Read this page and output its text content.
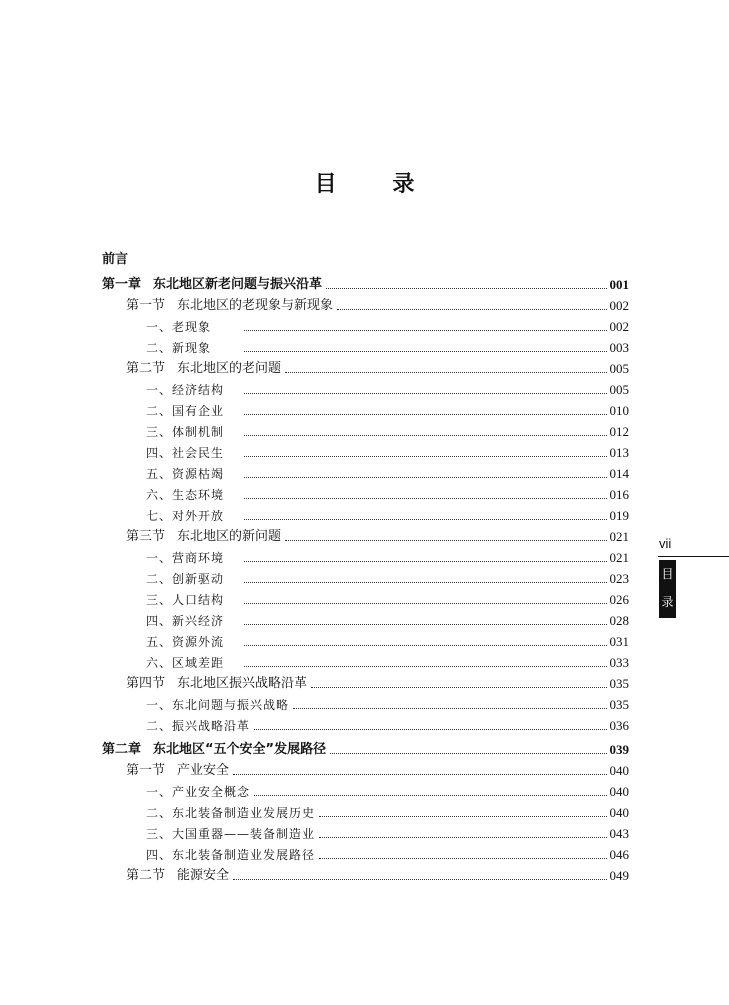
目	录
前言
第一章 东北地区新老问题与振兴沿革	001
第一节 东北地区的老现象与新现象	002
一、老现象	002
二、新现象	003
第二节 东北地区的老问题	005
一、经济结构	005
二、国有企业	010
三、体制机制	012
四、社会民生	013
五、资源枯竭	014
六、生态环境	016
七、对外开放	019
第三节 东北地区的新问题	021
一、营商环境	021
二、创新驱动	023
三、人口结构	026
四、新兴经济	028
五、资源外流	031
六、区域差距	033
第四节 东北地区振兴战略沿革	035
一、东北问题与振兴战略	035
二、振兴战略沿革	036
第二章 东北地区“五个安全”发展路径	039
第一节 产业安全	040
一、产业安全概念	040
二、东北装备制造业发展历史	040
三、大国重器——装备制造业	043
四、东北装备制造业发展路径	046
第二节 能源安全	049
vii
目
录
